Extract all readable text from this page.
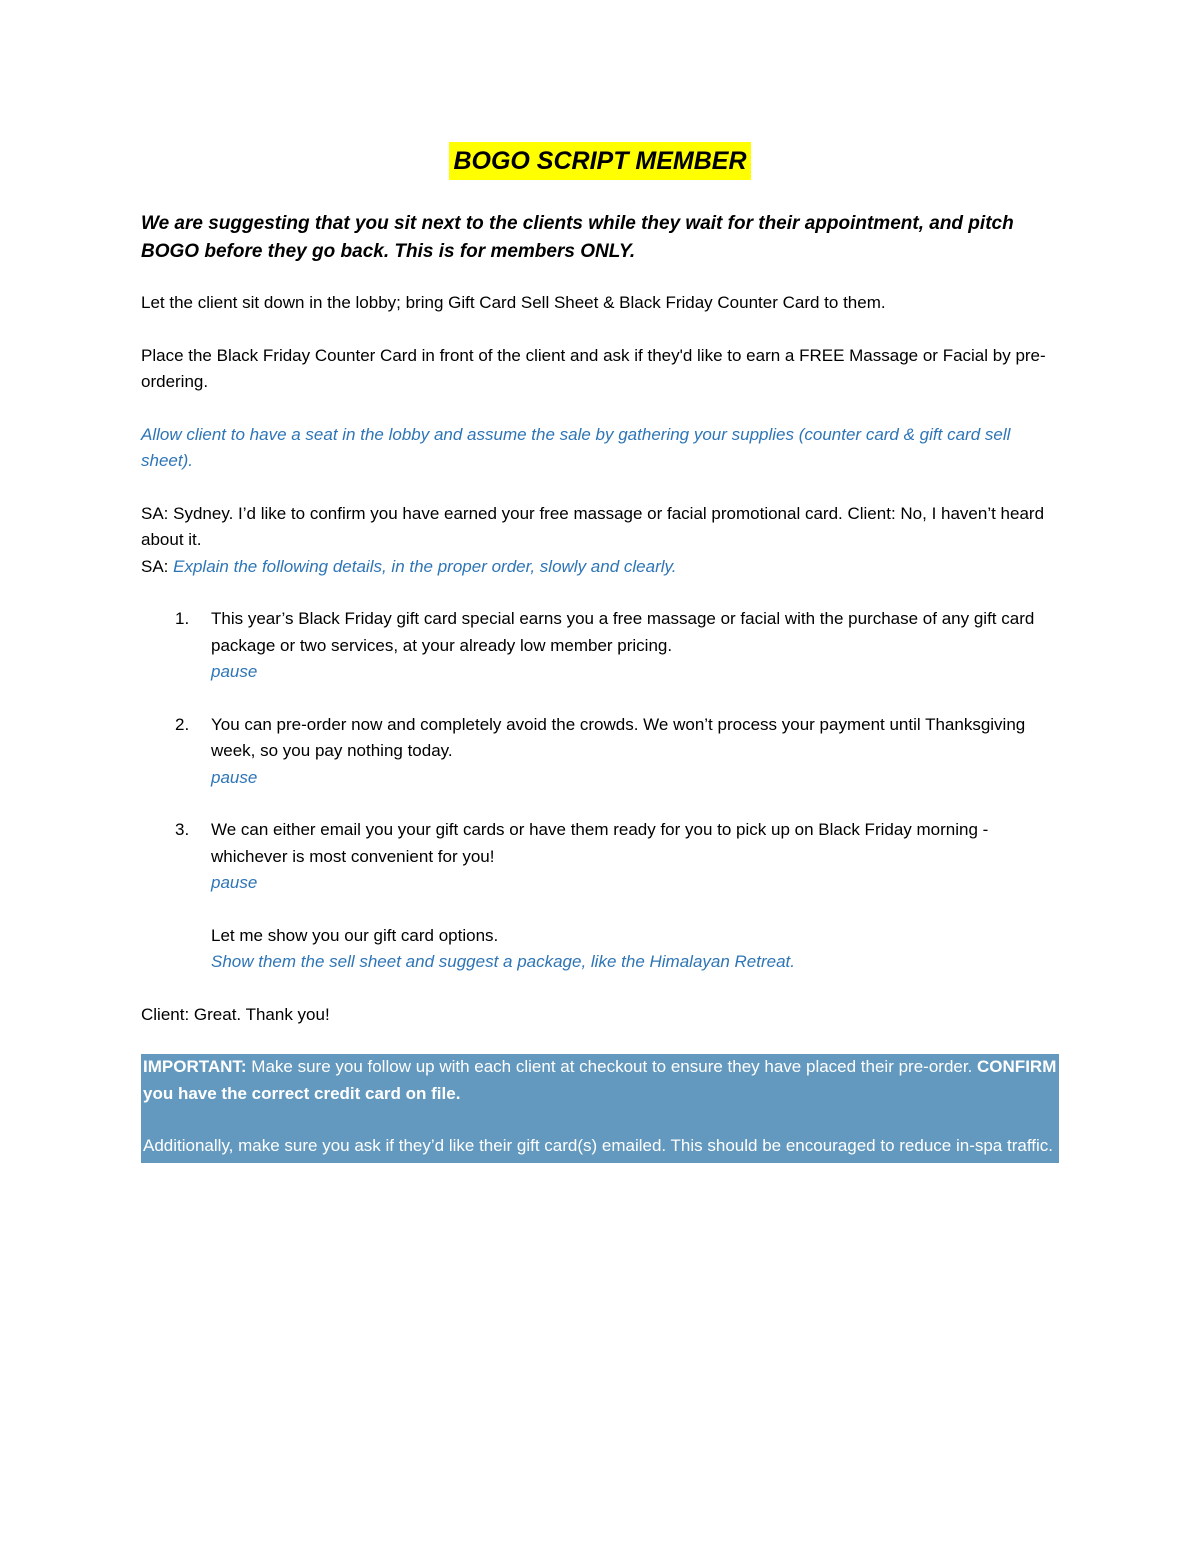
BOGO SCRIPT MEMBER

We are suggesting that you sit next to the clients while they wait for their appointment, and pitch BOGO before they go back. This is for members ONLY.

Let the client sit down in the lobby; bring Gift Card Sell Sheet & Black Friday Counter Card to them.

Place the Black Friday Counter Card in front of the client and ask if they'd like to earn a FREE Massage or Facial by pre- ordering.

Allow client to have a seat in the lobby and assume the sale by gathering your supplies (counter card & gift card sell sheet).

SA: Sydney. I’d like to confirm you have earned your free massage or facial promotional card. Client: No, I haven’t heard about it.

SA: Explain the following details, in the proper order, slowly and clearly.

1. This year’s Black Friday gift card special earns you a free massage or facial with the purchase of any gift card package or two services, at your already low member pricing.
pause
2. You can pre-order now and completely avoid the crowds. We won’t process your payment until Thanksgiving week, so you pay nothing today.
pause
3. We can either email you your gift cards or have them ready for you to pick up on Black Friday morning - whichever is most convenient for you!
pause
Let me show you our gift card options.
Show them the sell sheet and suggest a package, like the Himalayan Retreat.

Client: Great. Thank you!

IMPORTANT: Make sure you follow up with each client at checkout to ensure they have placed their pre-order. CONFIRM you have the correct credit card on file.
Additionally, make sure you ask if they’d like their gift card(s) emailed. This should be encouraged to reduce in-spa traffic.
